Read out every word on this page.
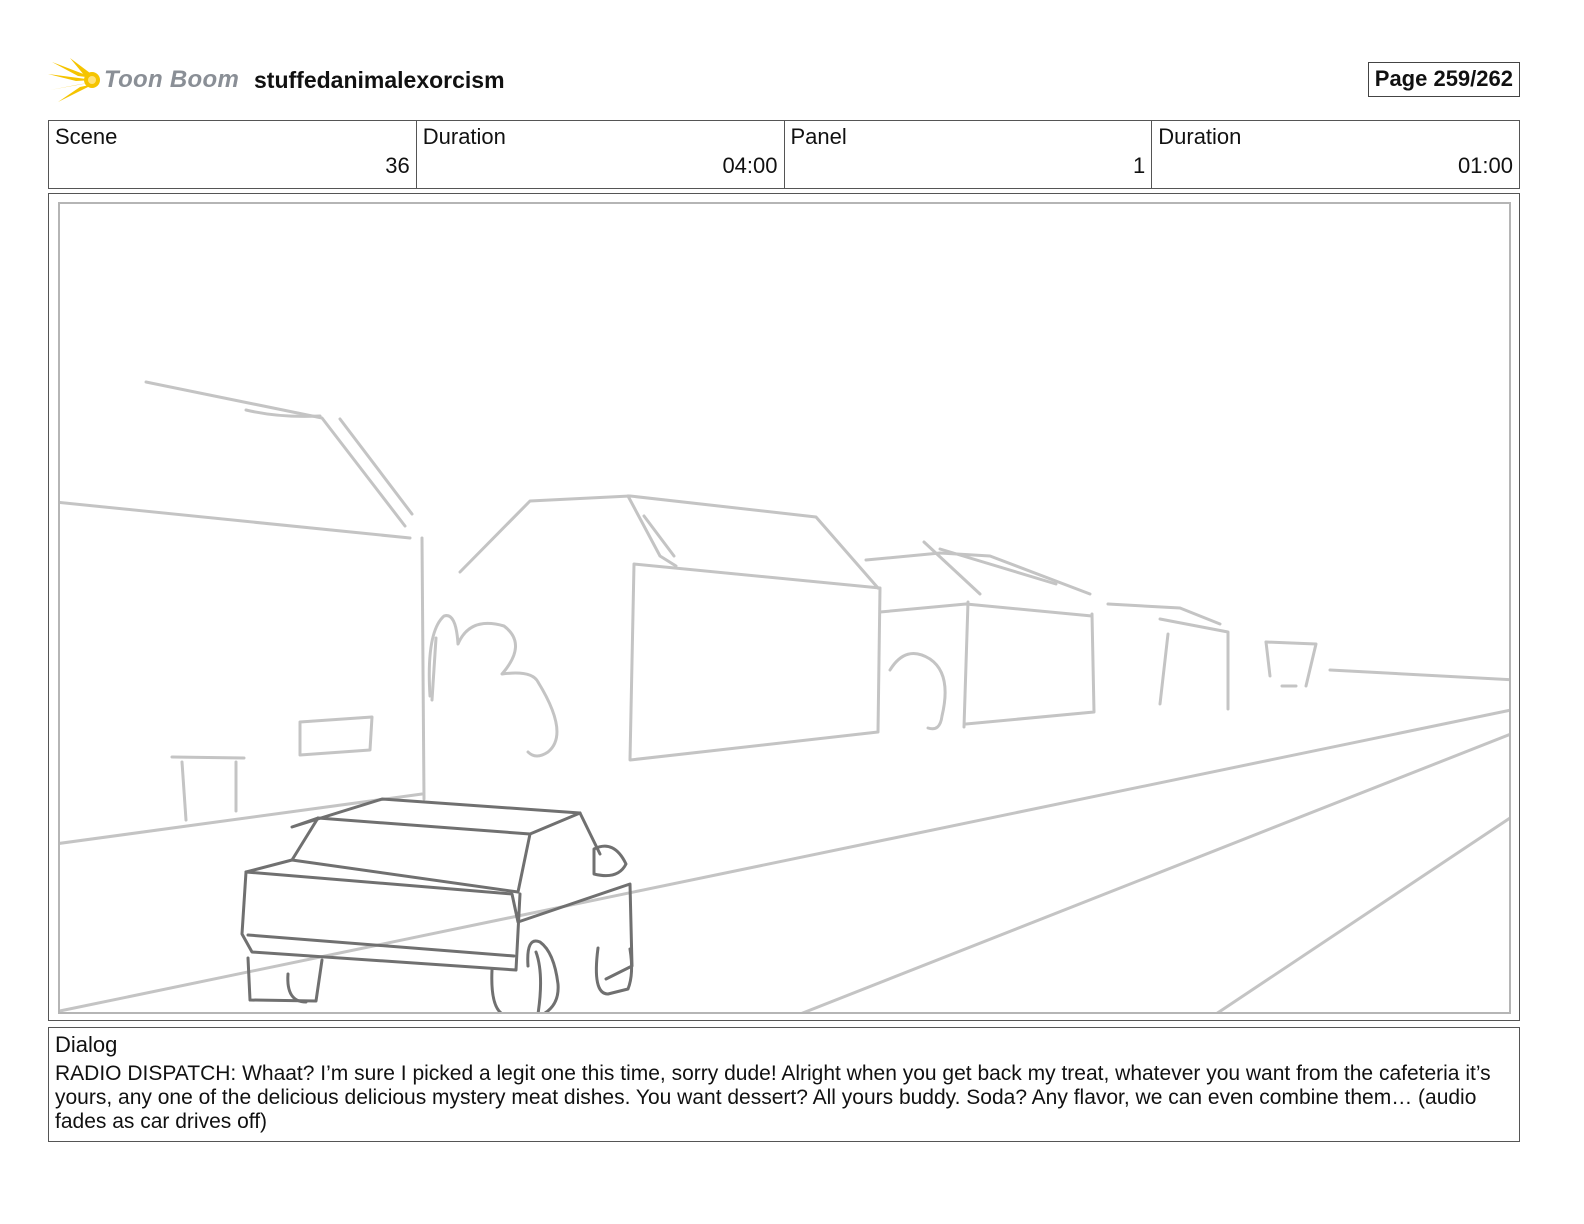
Toon Boom stuffedanimalexorcism	Page 259/262
Scene
36
Duration
04:00
Panel
1
Duration
01:00
Dialog
RADIO DISPATCH: Whaat? I’m sure I picked a legit one this time, sorry dude! Alright when you get back my treat, whatever you want from the cafeteria it’s yours, any one of the delicious delicious mystery meat dishes. You want dessert? All yours buddy. Soda? Any flavor, we can even combine them… (audio fades as car drives off)
